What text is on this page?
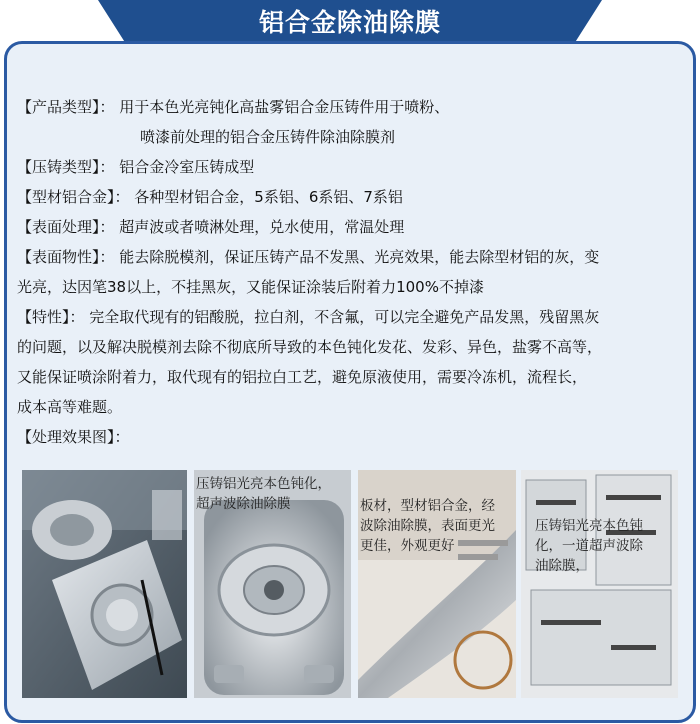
铝合金除油除膜
【产品类型】： 用于本色光亮钝化高盐雾铝合金压铸件用于喷粉、
喷漆前处理的铝合金压铸件除油除膜剂
【压铸类型】： 铝合金冷室压铸成型
【型材铝合金】： 各种型材铝合金，5系铝、6系铝、7系铝
【表面处理】： 超声波或者喷淋处理，兑水使用，常温处理
【表面物性】： 能去除脱模剂，保证压铸产品不发黑、光亮效果，能去除型材铝的灰，变
光亮，达因笔38以上，不挂黑灰，又能保证涂装后附着力100%不掉漆
【特性】： 完全取代现有的铝酸脱，拉白剂，不含氟，可以完全避免产品发黑，残留黑灰
的问题，以及解决脱模剂去除不彻底所导致的本色钝化发花、发彩、异色，盐雾不高等，
又能保证喷涂附着力，取代现有的铝拉白工艺，避免原液使用，需要冷冻机，流程长，
成本高等难题。
【处理效果图】：
压铸铝光亮本色钝化，
超声波除油除膜	板材，型材铝合金，经
波除油除膜，表面更光
更佳，外观更好
压铸铝光亮本色钝
化，一道超声波除
油除膜，
